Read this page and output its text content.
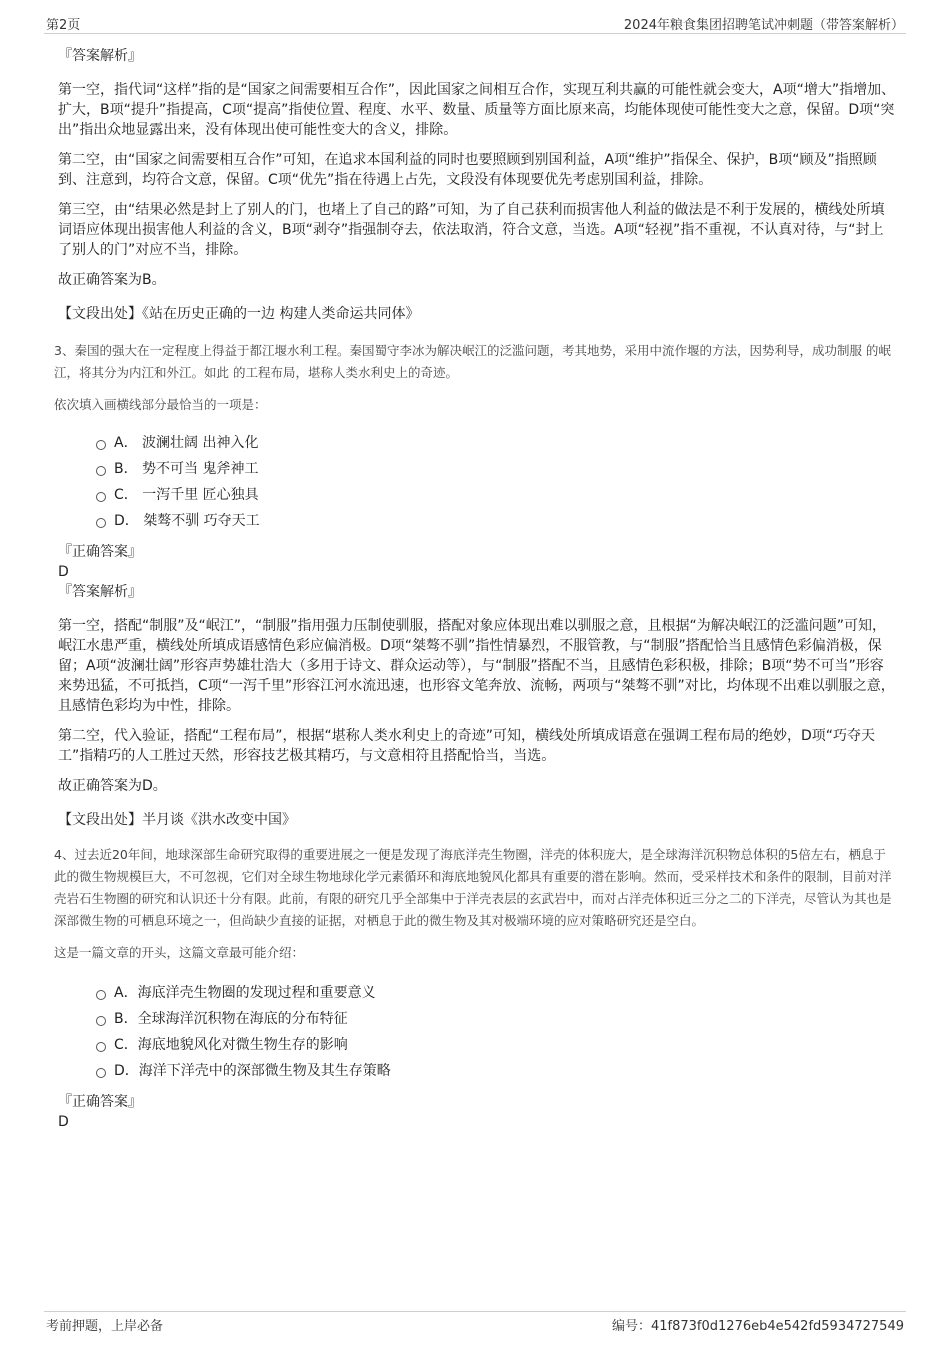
第2页	2024年粮食集团招聘笔试冲刺题（带答案解析）
『答案解析』
第一空，指代词“这样”指的是“国家之间需要相互合作”，因此国家之间相互合作，实现互利共赢的可能性就会变大，A项“增大”指增加、扩大，B项“提升”指提高，C项“提高”指使位置、程度、水平、数量、质量等方面比原来高，均能体现使可能性变大之意，保留。D项“突出”指出众地显露出来，没有体现出使可能性变大的含义，排除。
第二空，由“国家之间需要相互合作”可知，在追求本国利益的同时也要照顾到别国利益，A项“维护”指保全、保护，B项“顾及”指照顾到、注意到，均符合文意，保留。C项“优先”指在待遇上占先，文段没有体现要优先考虑别国利益，排除。
第三空，由“结果必然是封上了别人的门，也堵上了自己的路”可知，为了自己获利而损害他人利益的做法是不利于发展的，横线处所填词语应体现出损害他人利益的含义，B项“剥夺”指强制夺去，依法取消，符合文意，当选。A项“轻视”指不重视，不认真对待，与“封上了别人的门”对应不当，排除。
故正确答案为B。
【文段出处】《站在历史正确的一边 构建人类命运共同体》
3、秦国的强大在一定程度上得益于都江堰水利工程。秦国蜀守李冰为解决岷江的泛滥问题，考其地势，采用中流作堰的方法，因势利导，成功制服 的岷江，将其分为内江和外江。如此 的工程布局，堪称人类水利史上的奇迹。
依次填入画横线部分最恰当的一项是：
A． 波澜壮阔 出神入化
B． 势不可当 鬼斧神工
C． 一泻千里 匠心独具
D． 桀骜不驯 巧夺天工
『正确答案』
D
『答案解析』
第一空，搭配“制服”及“岷江”，“制服”指用强力压制使驯服，搭配对象应体现出难以驯服之意，且根据“为解决岷江的泛滥问题”可知，岷江水患严重，横线处所填成语感情色彩应偏消极。D项“桀骜不驯”指性情暴烈，不服管教，与“制服”搭配恰当且感情色彩偏消极，保留；A项“波澜壮阔”形容声势雄壮浩大（多用于诗文、群众运动等），与“制服”搭配不当，且感情色彩积极，排除；B项“势不可当”形容来势迅猛，不可抵挡，C项“一泻千里”形容江河水流迅速，也形容文笔奔放、流畅，两项与“桀骜不驯”对比，均体现不出难以驯服之意，且感情色彩均为中性，排除。
第二空，代入验证，搭配“工程布局”，根据“堪称人类水利史上的奇迹”可知，横线处所填成语意在强调工程布局的绝妙，D项“巧夺天工”指精巧的人工胜过天然，形容技艺极其精巧，与文意相符且搭配恰当，当选。
故正确答案为D。
【文段出处】半月谈《洪水改变中国》
4、过去近20年间，地球深部生命研究取得的重要进展之一便是发现了海底洋壳生物圈，洋壳的体积庞大，是全球海洋沉积物总体积的5倍左右，栖息于此的微生物规模巨大，不可忽视，它们对全球生物地球化学元素循环和海底地貌风化都具有重要的潜在影响。然而，受采样技术和条件的限制，目前对洋壳岩石生物圈的研究和认识还十分有限。此前，有限的研究几乎全部集中于洋壳表层的玄武岩中，而对占洋壳体积近三分之二的下洋壳，尽管认为其也是深部微生物的可栖息环境之一，但尚缺少直接的证据，对栖息于此的微生物及其对极端环境的应对策略研究还是空白。
这是一篇文章的开头，这篇文章最可能介绍：
A．海底洋壳生物圈的发现过程和重要意义
B．全球海洋沉积物在海底的分布特征
C．海底地貌风化对微生物生存的影响
D．海洋下洋壳中的深部微生物及其生存策略
『正确答案』
D
考前押题，上岸必备	编号：41f873f0d1276eb4e542fd5934727549
